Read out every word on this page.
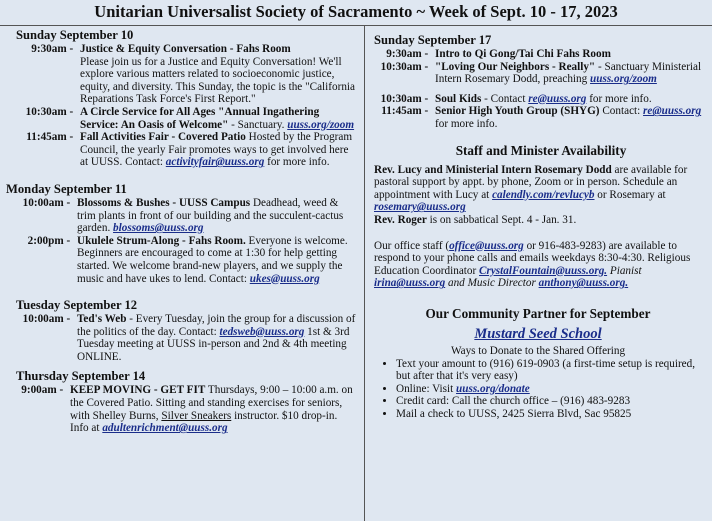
Unitarian Universalist Society of Sacramento ~ Week of Sept. 10 - 17, 2023

Sunday September 10

9:30am - Justice & Equity Conversation - Fahs Room
Please join us for a Justice and Equity Conversation! We'll explore various matters related to socioeconomic justice, equity, and diversity. This Sunday, the topic is the "California Reparations Task Force's First Report."
10:30am - A Circle Service for All Ages "Annual Ingathering Service: An Oasis of Welcome" - Sanctuary. uuss.org/zoom
11:45am - Fall Activities Fair - Covered Patio Hosted by the Program Council, the yearly Fair promotes ways to get involved here at UUSS. Contact: activityfair@uuss.org for more info.

Monday September 11

10:00am - Blossoms & Bushes - UUSS Campus Deadhead, weed & trim plants in front of our building and the succulent-cactus garden. blossoms@uuss.org
2:00pm - Ukulele Strum-Along - Fahs Room. Everyone is welcome. Beginners are encouraged to come at 1:30 for help getting started. We welcome brand-new players, and we supply the music and have ukes to lend. Contact: ukes@uuss.org

Tuesday September 12

10:00am - Ted's Web - Every Tuesday, join the group for a discussion of the politics of the day. Contact: tedsweb@uuss.org 1st & 3rd Tuesday meeting at UUSS in-person and 2nd & 4th meeting ONLINE.

Thursday September 14

9:00am - KEEP MOVING - GET FIT Thursdays, 9:00 – 10:00 a.m. on the Covered Patio. Sitting and standing exercises for seniors, with Shelley Burns, Silver Sneakers instructor. $10 drop-in. Info at adultenrichment@uuss.org

Sunday September 17

9:30am - Intro to Qi Gong/Tai Chi Fahs Room
10:30am - "Loving Our Neighbors - Really" - Sanctuary Ministerial Intern Rosemary Dodd, preaching uuss.org/zoom
10:30am - Soul Kids - Contact re@uuss.org for more info.
11:45am - Senior High Youth Group (SHYG) Contact: re@uuss.org for more info.

Staff and Minister Availability

Rev. Lucy and Ministerial Intern Rosemary Dodd are available for pastoral support by appt. by phone, Zoom or in person. Schedule an appointment with Lucy at calendly.com/revlucyb or Rosemary at rosemary@uuss.org

Rev. Roger is on sabbatical Sept. 4 - Jan. 31.

Our office staff (office@uuss.org or 916-483-9283) are available to respond to your phone calls and emails weekdays 8:30-4:30. Religious Education Coordinator CrystalFountain@uuss.org. Pianist irina@uuss.org and Music Director anthony@uuss.org.

Our Community Partner for September

Mustard Seed School
Ways to Donate to the Shared Offering
• Text your amount to (916) 619-0903 (a first-time setup is required, but after that it's very easy)
• Online: Visit uuss.org/donate
• Credit card: Call the church office – (916) 483-9283
• Mail a check to UUSS, 2425 Sierra Blvd, Sac 95825
